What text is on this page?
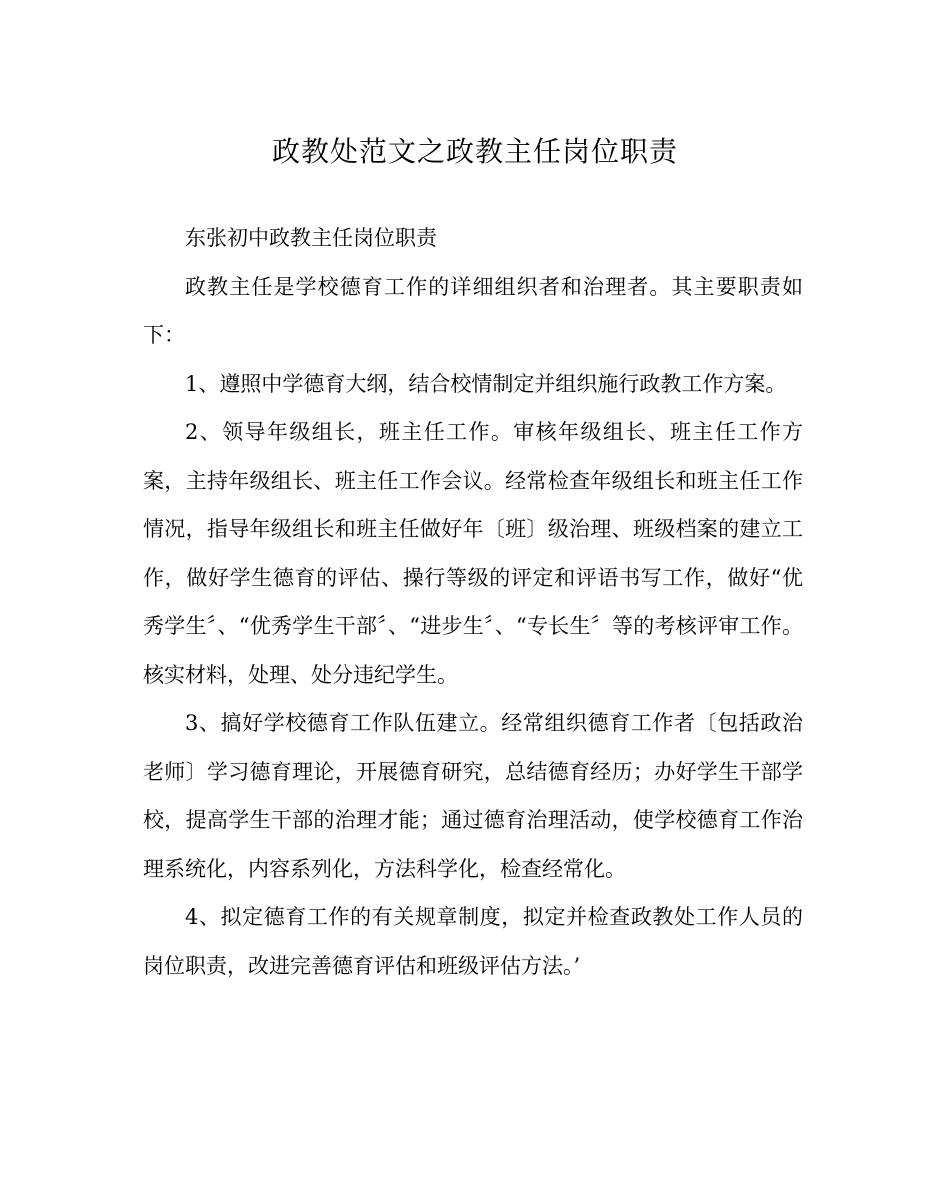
政教处范文之政教主任岗位职责

东张初中政教主任岗位职责

政教主任是学校德育工作的详细组织者和治理者。其主要职责如下：

1、遵照中学德育大纲，结合校情制定并组织施行政教工作方案。

2、领导年级组长，班主任工作。审核年级组长、班主任工作方案，主持年级组长、班主任工作会议。经常检查年级组长和班主任工作情况，指导年级组长和班主任做好年〔班〕级治理、班级档案的建立工作，做好学生德育的评估、操行等级的评定和评语书写工作，做好“优秀学生〞、“优秀学生干部〞、“进步生〞、“专长生〞等的考核评审工作。核实材料，处理、处分违纪学生。

3、搞好学校德育工作队伍建立。经常组织德育工作者〔包括政治老师〕学习德育理论，开展德育研究，总结德育经历；办好学生干部学校，提高学生干部的治理才能；通过德育治理活动，使学校德育工作治理系统化，内容系列化，方法科学化，检查经常化。

4、拟定德育工作的有关规章制度，拟定并检查政教处工作人员的岗位职责，改进完善德育评估和班级评估方法。’
